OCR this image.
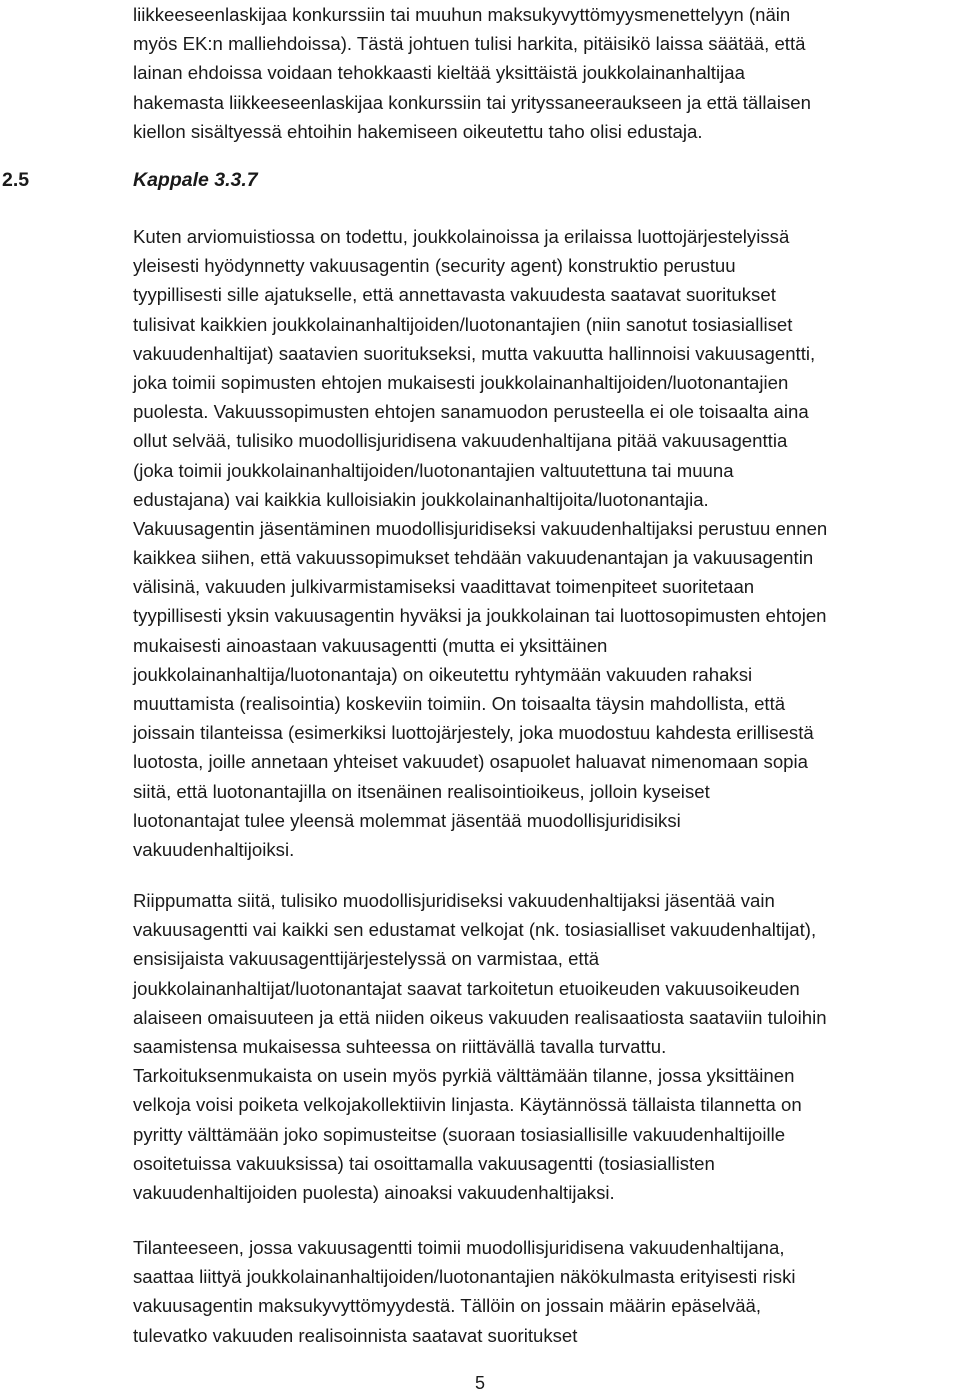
liikkeeseenlaskijaa konkurssiin tai muuhun maksukyvyttömyysmenettelyyn (näin
myös EK:n malliehdoissa). Tästä johtuen tulisi harkita, pitäisikö laissa säätää, että
lainan ehdoissa voidaan tehokkaasti kieltää yksittäistä joukkolainanhaltijaa
hakemasta liikkeeseenlaskijaa konkurssiin tai yrityssaneeraukseen ja että tällaisen
kiellon sisältyessä ehtoihin hakemiseen oikeutettu taho olisi edustaja.

2.5	Kappale 3.3.7

Kuten arviomuistiossa on todettu, joukkolainoissa ja erilaissa luottojärjestelyissä
yleisesti hyödynnetty vakuusagentin (security agent) konstruktio perustuu
tyypillisesti sille ajatukselle, että annettavasta vakuudesta saatavat suoritukset
tulisivat kaikkien joukkolainanhaltijoiden/luotonantajien (niin sanotut tosiasialliset
vakuudenhaltijat) saatavien suoritukseksi, mutta vakuutta hallinnoisi vakuusagentti,
joka toimii sopimusten ehtojen mukaisesti joukkolainanhaltijoiden/luotonantajien
puolesta. Vakuussopimusten ehtojen sanamuodon perusteella ei ole toisaalta aina
ollut selvää, tulisiko muodollisjuridisena vakuudenhaltijana pitää vakuusagenttia
(joka toimii joukkolainanhaltijoiden/luotonantajien valtuutettuna tai muuna
edustajana) vai kaikkia kulloisiakin joukkolainanhaltijoita/luotonantajia.
Vakuusagentin jäsentäminen muodollisjuridiseksi vakuudenhaltijaksi perustuu ennen
kaikkea siihen, että vakuussopimukset tehdään vakuudenantajan ja vakuusagentin
välisinä, vakuuden julkivarmistamiseksi vaadittavat toimenpiteet suoritetaan
tyypillisesti yksin vakuusagentin hyväksi ja joukkolainan tai luottosopimusten ehtojen
mukaisesti ainoastaan vakuusagentti (mutta ei yksittäinen
joukkolainanhaltija/luotonantaja) on oikeutettu ryhtymään vakuuden rahaksi
muuttamista (realisointia) koskeviin toimiin. On toisaalta täysin mahdollista, että
joissain tilanteissa (esimerkiksi luottojärjestely, joka muodostuu kahdesta erillisestä
luotosta, joille annetaan yhteiset vakuudet) osapuolet haluavat nimenomaan sopia
siitä, että luotonantajilla on itsenäinen realisointioikeus, jolloin kyseiset
luotonantajat tulee yleensä molemmat jäsentää muodollisjuridisiksi
vakuudenhaltijoiksi.

Riippumatta siitä, tulisiko muodollisjuridiseksi vakuudenhaltijaksi jäsentää vain
vakuusagentti vai kaikki sen edustamat velkojat (nk. tosiasialliset vakuudenhaltijat),
ensisijaista vakuusagenttijärjestelyssä on varmistaa, että
joukkolainanhaltijat/luotonantajat saavat tarkoitetun etuoikeuden vakuusoikeuden
alaiseen omaisuuteen ja että niiden oikeus vakuuden realisaatiosta saataviin tuloihin
saamistensa mukaisessa suhteessa on riittävällä tavalla turvattu.
Tarkoituksenmukaista on usein myös pyrkiä välttämään tilanne, jossa yksittäinen
velkoja voisi poiketa velkojakollektiivin linjasta. Käytännössä tällaista tilannetta on
pyritty välttämään joko sopimusteitse (suoraan tosiasiallisille vakuudenhaltijoille
osoitetuissa vakuuksissa) tai osoittamalla vakuusagentti (tosiasiallisten
vakuudenhaltijoiden puolesta) ainoaksi vakuudenhaltijaksi.

Tilanteeseen, jossa vakuusagentti toimii muodollisjuridisena vakuudenhaltijana,
saattaa liittyä joukkolainanhaltijoiden/luotonantajien näkökulmasta erityisesti riski
vakuusagentin maksukyvyttömyydestä. Tällöin on jossain määrin epäselvää,
tulevatko vakuuden realisoinnista saatavat suoritukset

5
